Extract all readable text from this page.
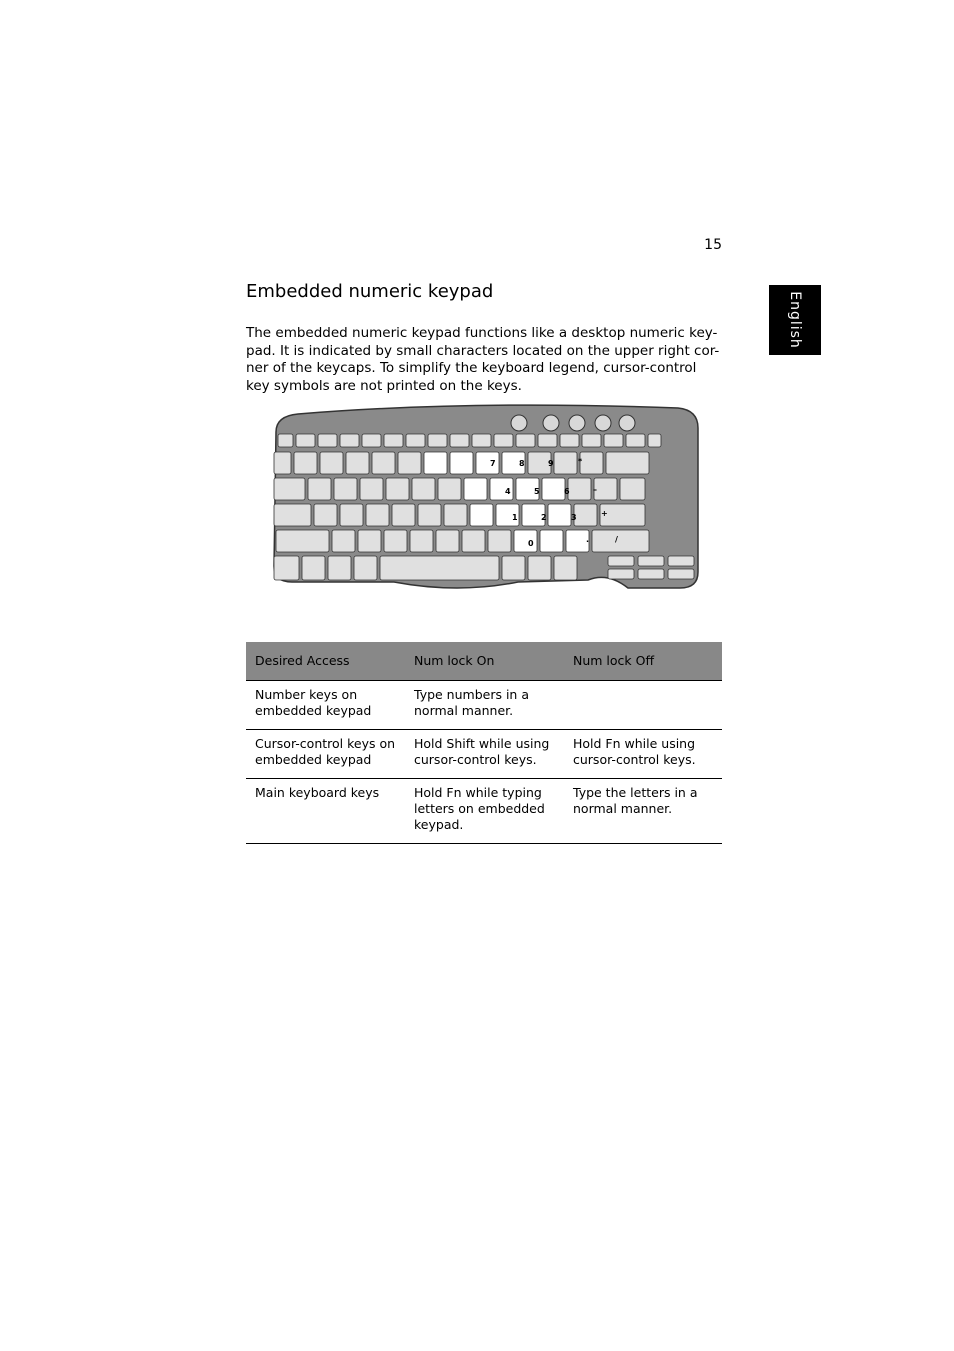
15
English
Embedded numeric keypad

The embedded numeric keypad functions like a desktop numeric key-pad. It is indicated by small characters located on the upper right cor-ner of the keycaps. To simplify the keyboard legend, cursor-control key symbols are not printed on the keys.

7	8	9	*
4	5	6	–
1	2	3	+
0	.	/
Desired Access	Num lock On	Num lock Off
Number keys on embedded keypad	Type numbers in a normal manner.	
Cursor-control keys on embedded keypad	Hold Shift while using cursor-control keys.	Hold Fn while using cursor-control keys.
Main keyboard keys	Hold Fn while typing letters on embedded keypad.	Type the letters in a normal manner.
